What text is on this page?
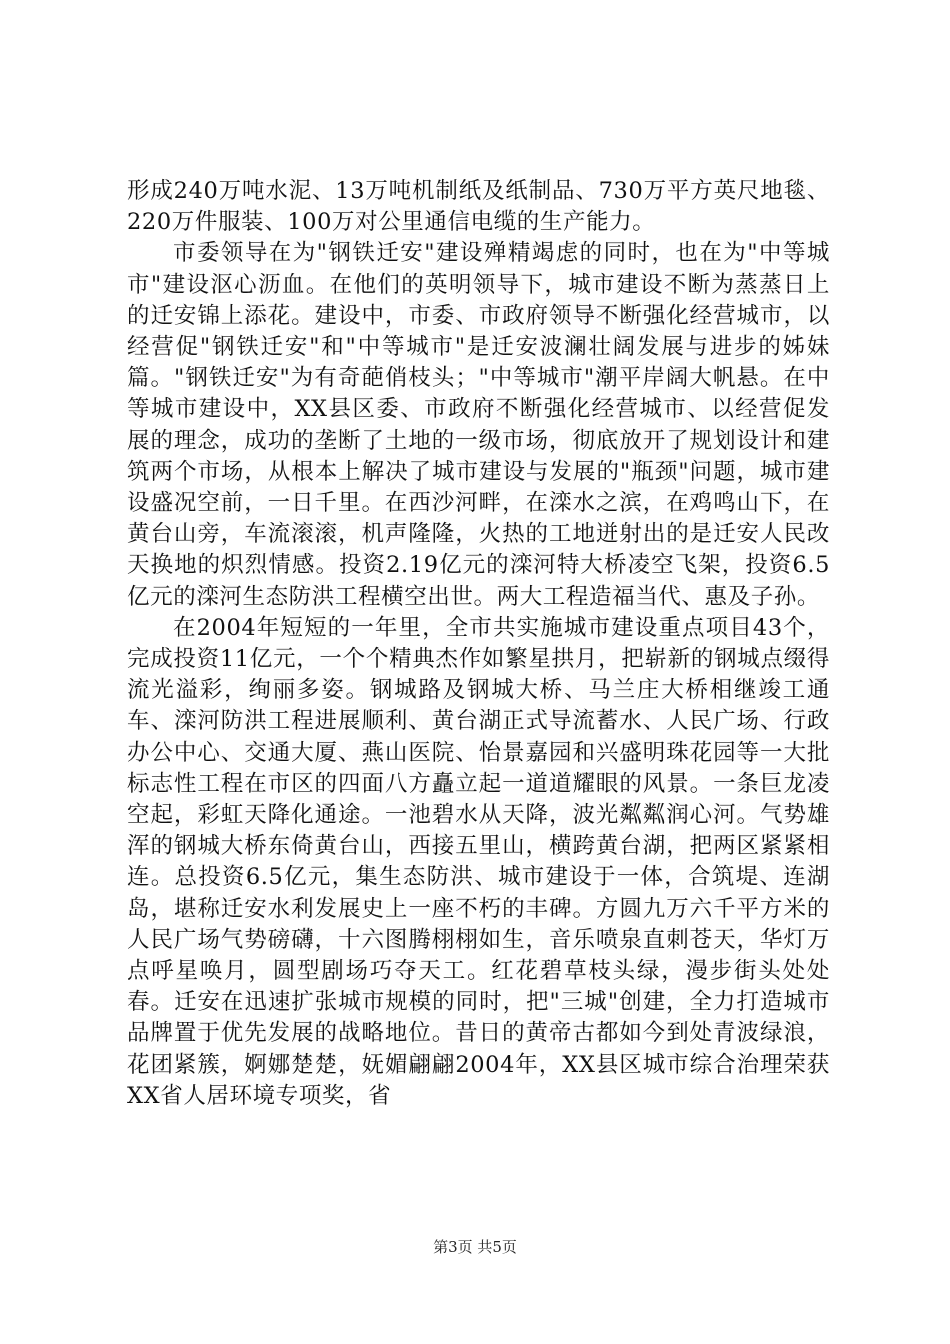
形成240万吨水泥、13万吨机制纸及纸制品、730万平方英尺地毯、220万件服装、100万对公里通信电缆的生产能力。

市委领导在为"钢铁迁安"建设殚精竭虑的同时，也在为"中等城市"建设沤心沥血。在他们的英明领导下，城市建设不断为蒸蒸日上的迁安锦上添花。建设中，市委、市政府领导不断强化经营城市，以经营促"钢铁迁安"和"中等城市"是迁安波澜壮阔发展与进步的姊妹篇。"钢铁迁安"为有奇葩俏枝头；"中等城市"潮平岸阔大帆悬。在中等城市建设中，XX县区委、市政府不断强化经营城市、以经营促发展的理念，成功的垄断了土地的一级市场，彻底放开了规划设计和建筑两个市场，从根本上解决了城市建设与发展的"瓶颈"问题，城市建设盛况空前，一日千里。在西沙河畔，在滦水之滨，在鸡鸣山下，在黄台山旁，车流滚滚，机声隆隆，火热的工地迸射出的是迁安人民改天换地的炽烈情感。投资2.19亿元的滦河特大桥凌空飞架，投资6.5亿元的滦河生态防洪工程横空出世。两大工程造福当代、惠及子孙。

在2004年短短的一年里，全市共实施城市建设重点项目43个，完成投资11亿元，一个个精典杰作如繁星拱月，把崭新的钢城点缀得流光溢彩，绚丽多姿。钢城路及钢城大桥、马兰庄大桥相继竣工通车、滦河防洪工程进展顺利、黄台湖正式导流蓄水、人民广场、行政办公中心、交通大厦、燕山医院、怡景嘉园和兴盛明珠花园等一大批标志性工程在市区的四面八方矗立起一道道耀眼的风景。一条巨龙凌空起，彩虹天降化通途。一池碧水从天降，波光粼粼润心河。气势雄浑的钢城大桥东倚黄台山，西接五里山，横跨黄台湖，把两区紧紧相连。总投资6.5亿元，集生态防洪、城市建设于一体，合筑堤、连湖岛，堪称迁安水利发展史上一座不朽的丰碑。方圆九万六千平方米的人民广场气势磅礴，十六图腾栩栩如生，音乐喷泉直刺苍天，华灯万点呼星唤月，圆型剧场巧夺天工。红花碧草枝头绿，漫步街头处处春。迁安在迅速扩张城市规模的同时，把"三城"创建，全力打造城市品牌置于优先发展的战略地位。昔日的黄帝古都如今到处青波绿浪，花团紧簇，婀娜楚楚，妩媚翩翩2004年，XX县区城市综合治理荣获XX省人居环境专项奖，省

第3页 共5页
